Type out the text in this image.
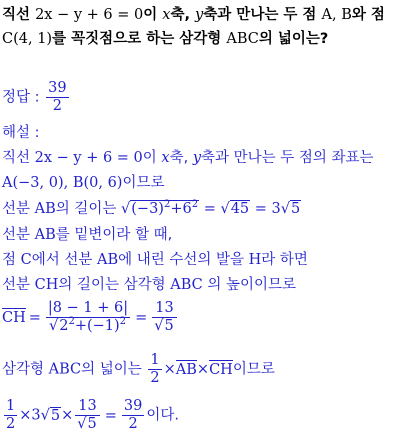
직선 2x − y + 6 = 0이 x축, y축과 만나는 두 점 A, B와 점
C(4, 1)를 꼭짓점으로 하는 삼각형 ABC의 넓이는?
정답 : $\frac{39}{2}$
해설 :
직선 2x − y + 6 = 0이 x축, y축과 만나는 두 점의 좌표는
A(−3, 0), B(0, 6)이므로
선분 AB의 길이는 $√(-3)^2+6^2 = √45 = 3√5$
선분 AB를 밑변이라 할 때,
점 C에서 선분 AB에 내린 수선의 발을 H라 하면
선분 CH의 길이는 삼각형 ABC 의 높이이므로
CH = $\frac{|8 - 1 + 6|}{√2^2+(-1)^2} = \frac{13}{√5}$
삼각형 ABC의 넓이는 $\frac{1}{2} \times AB\times CH$이므로
$\frac{1}{2} \times 3√5\times \frac{13}{√5} = \frac{39}{2}$ 이다.
